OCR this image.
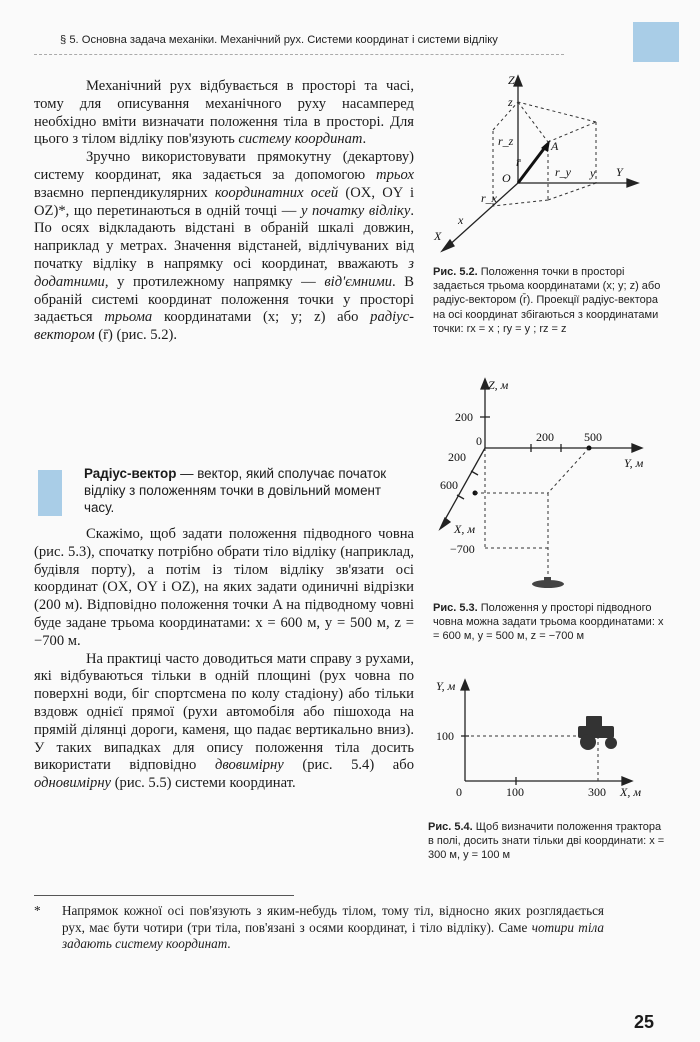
§ 5. Основна задача механіки. Механічний рух. Системи координат і системи відліку

Механічний рух відбувається в просторі та часі, тому для описування механічного руху насамперед необхідно вміти визначати положення тіла в просторі. Для цього з тілом відліку пов'язують систему координат.

Зручно використовувати прямокутну (декартову) систему координат, яка задається за допомогою трьох взаємно перпендикулярних координатних осей (OX, OY і OZ)*, що перетинаються в одній точці — у початку відліку. По осях відкладають відстані в обраній шкалі довжин, наприклад у метрах. Значення відстаней, відлічуваних від початку відліку в напрямку осі координат, вважають з додатними, у протилежному напрямку — від'ємними. В обраній системі координат положення точки у просторі задається трьома координатами (x; y; z) або радіус-вектором (r̄) (рис. 5.2).

Радіус-вектор — вектор, який сполучає початок відліку з положенням точки в довільний момент часу.

Скажімо, щоб задати положення підводного човна (рис. 5.3), спочатку потрібно обрати тіло відліку (наприклад, будівля порту), а потім із тілом відліку зв'язати осі координат (OX, OY і OZ), на яких задати одиничні відрізки (200 м). Відповідно положення точки A на підводному човні буде задане трьома координатами: x = 600 м, y = 500 м, z = −700 м.

На практиці часто доводиться мати справу з рухами, які відбуваються тільки в одній площині (рух човна по поверхні води, біг спортсмена по колу стадіону) або тільки вздовж однієї прямої (рухи автомобіля або пішохода на прямій ділянці дороги, каменя, що падає вертикально вниз). У таких випадках для опису положення тіла досить використати відповідно двовимірну (рис. 5.4) або одновимірну (рис. 5.5) системи координат.

Z
z
r_z
r̄
A
O	r_y y Y
r_x
x
X
Рис. 5.2. Положення точки в просторі задається трьома координатами (x; y; z) або радіус-вектором (r̄). Проекції радіус-вектора на осі координат збігаються з координатами точки: rx = x ; ry = y ; rz = z
Z, м
200
0	200	500
Y, м
200
600
X, м
−700
Рис. 5.3. Положення у просторі підводного човна можна задати трьома координатами: x = 600 м, y = 500 м, z = −700 м
Y, м
100
0	100	300 X, м
Рис. 5.4. Щоб визначити положення трактора в полі, досить знати тільки дві координати: x = 300 м, y = 100 м
* Напрямок кожної осі пов'язують з яким-небудь тілом, тому тіл, відносно яких розглядається рух, має бути чотири (три тіла, пов'язані з осями координат, і тіло відліку). Саме чотири тіла задають систему координат.
25
